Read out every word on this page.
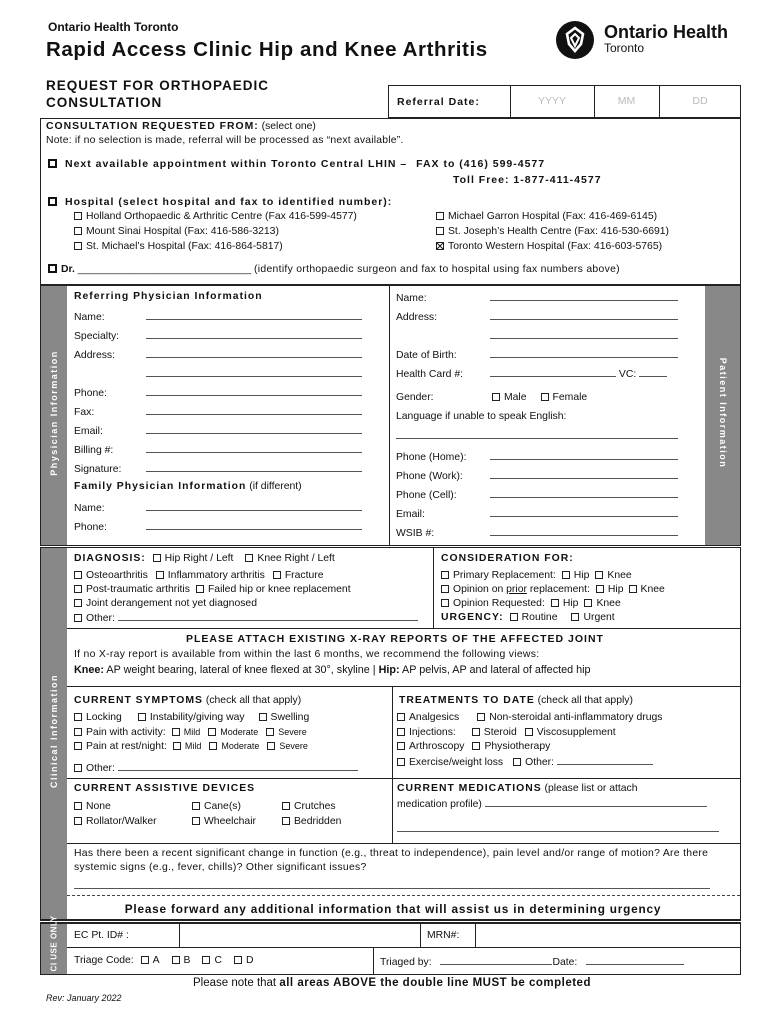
Ontario Health Toronto
Rapid Access Clinic Hip and Knee Arthritis
Ontario Health
Toronto
REQUEST FOR ORTHOPAEDIC
CONSULTATION	Referral Date:	YYYY	MM	DD
CONSULTATION REQUESTED FROM: (select one)
Note: if no selection is made, referral will be processed as “next available”.
Next available appointment within Toronto Central LHIN – FAX to (416) 599-4577
Toll Free: 1-877-411-4577
Hospital (select hospital and fax to identified number):
Holland Orthopaedic & Arthritic Centre (Fax 416-599-4577)
Mount Sinai Hospital (Fax: 416-586-3213)
St. Michael’s Hospital (Fax: 416-864-5817)
Michael Garron Hospital (Fax: 416-469-6145)
St. Joseph’s Health Centre (Fax: 416-530-6691)
Toronto Western Hospital (Fax: 416-603-5765)
Dr. ______________________________ (identify orthopaedic surgeon and fax to hospital using fax numbers above)
Physician Information	Patient Information
Referring Physician Information
Name:
Specialty:
Address:
Phone:
Fax:
Email:
Billing #:
Signature:
Family Physician Information (if different)
Name:
Phone:
Name:
Address:
Date of Birth:
Health Card #:	VC:
Gender:	Male	Female
Language if unable to speak English:
Phone (Home):
Phone (Work):
Phone (Cell):
Email:
WSIB #:
Clinical Information
DIAGNOSIS: Hip Right / Left Knee Right / Left
Osteoarthritis Inflammatory arthritis Fracture
Post-traumatic arthritis Failed hip or knee replacement
Joint derangement not yet diagnosed
Other:
CONSIDERATION FOR:
Primary Replacement: Hip Knee
Opinion on prior replacement: Hip Knee
Opinion Requested: Hip Knee
URGENCY: Routine	Urgent
PLEASE ATTACH EXISTING X-RAY REPORTS OF THE AFFECTED JOINT
If no X-ray report is available from within the last 6 months, we recommend the following views:
Knee: AP weight bearing, lateral of knee flexed at 30°, skyline | Hip: AP pelvis, AP and lateral of affected hip
CURRENT SYMPTOMS (check all that apply)
Locking	Instability/giving way	Swelling
Pain with activity: Mild Moderate Severe
Pain at rest/night: Mild Moderate Severe
Other:
TREATMENTS TO DATE (check all that apply)
Analgesics	Non-steroidal anti-inflammatory drugs
Injections:	Steroid Viscosupplement
Arthroscopy Physiotherapy
Exercise/weight loss Other:
CURRENT ASSISTIVE DEVICES
None	Cane(s)	Crutches
Rollator/Walker	Wheelchair	Bedridden
CURRENT MEDICATIONS (please list or attach
medication profile)
Has there been a recent significant change in function (e.g., threat to independence), pain level and/or range of motion? Are there systemic signs (e.g., fever, chills)? Other significant issues?
Please forward any additional information that will assist us in determining urgency
CI USE ONLY EC Pt. ID# :	MRN#:
Triage Code: A B C D	Triaged by:	Date:
Please note that all areas ABOVE the double line MUST be completed
Rev: January 2022
